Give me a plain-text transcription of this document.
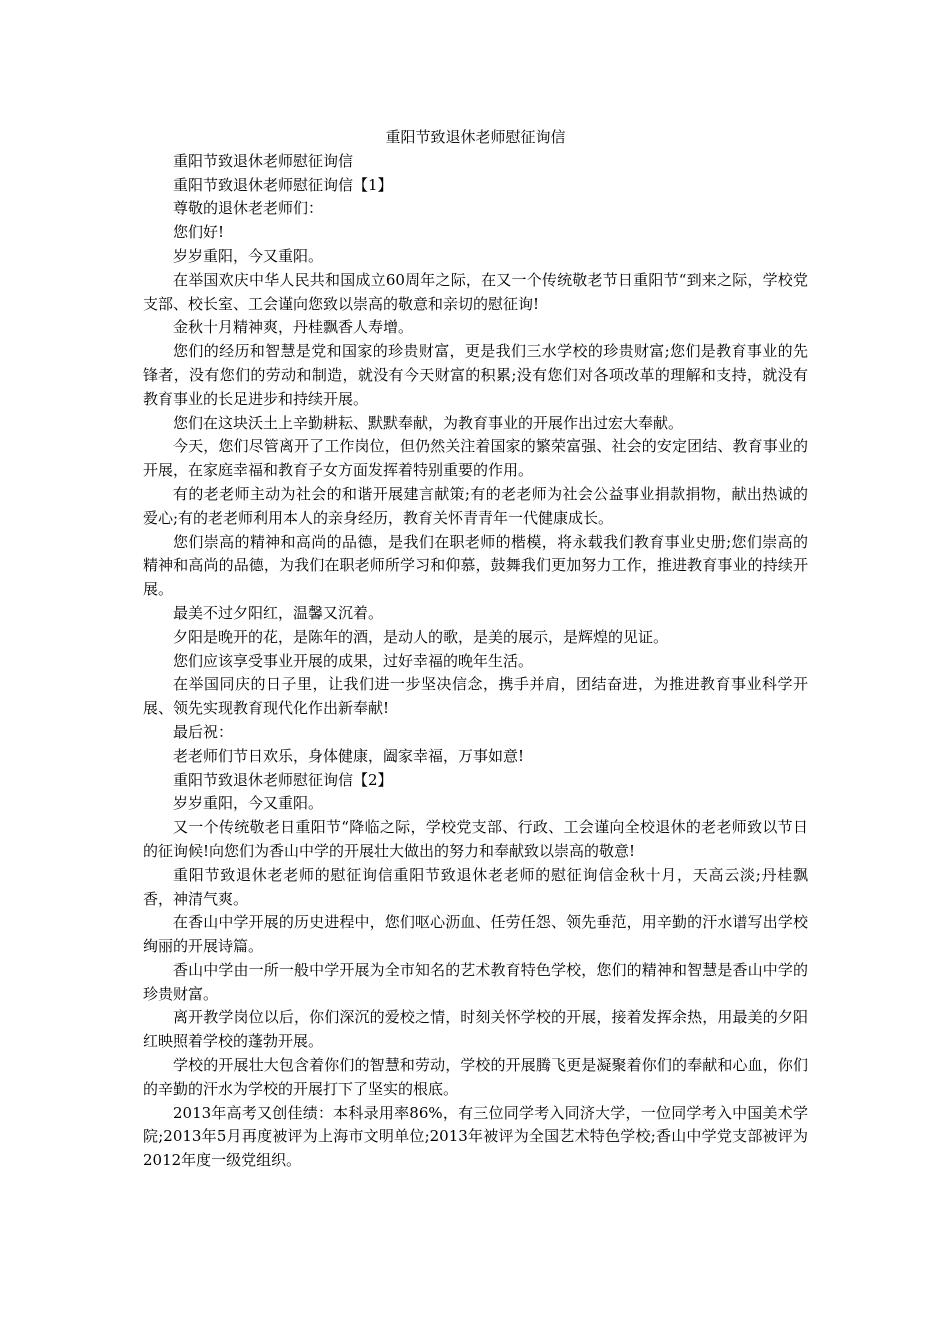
重阳节致退休老师慰征询信

重阳节致退休老师慰征询信

重阳节致退休老师慰征询信【1】

尊敬的退休老老师们：

您们好!

岁岁重阳，今又重阳。

在举国欢庆中华人民共和国成立60周年之际，在又一个传统敬老节日重阳节“到来之际，学校党支部、校长室、工会谨向您致以崇高的敬意和亲切的慰征询!

金秋十月精神爽，丹桂飘香人寿增。

您们的经历和智慧是党和国家的珍贵财富，更是我们三水学校的珍贵财富;您们是教育事业的先锋者，没有您们的劳动和制造，就没有今天财富的积累;没有您们对各项改革的理解和支持，就没有教育事业的长足进步和持续开展。

您们在这块沃土上辛勤耕耘、默默奉献，为教育事业的开展作出过宏大奉献。

今天，您们尽管离开了工作岗位，但仍然关注着国家的繁荣富强、社会的安定团结、教育事业的开展，在家庭幸福和教育子女方面发挥着特别重要的作用。

有的老老师主动为社会的和谐开展建言献策;有的老老师为社会公益事业捐款捐物，献出热诚的爱心;有的老老师利用本人的亲身经历，教育关怀青青年一代健康成长。

您们崇高的精神和高尚的品德，是我们在职老师的楷模，将永载我们教育事业史册;您们崇高的精神和高尚的品德，为我们在职老师所学习和仰慕，鼓舞我们更加努力工作，推进教育事业的持续开展。

最美不过夕阳红，温馨又沉着。

夕阳是晚开的花，是陈年的酒，是动人的歌，是美的展示，是辉煌的见证。

您们应该享受事业开展的成果，过好幸福的晚年生活。

在举国同庆的日子里，让我们进一步坚决信念，携手并肩，团结奋进，为推进教育事业科学开展、领先实现教育现代化作出新奉献!

最后祝：

老老师们节日欢乐，身体健康，阖家幸福，万事如意!

重阳节致退休老师慰征询信【2】

岁岁重阳，今又重阳。

又一个传统敬老日重阳节“降临之际，学校党支部、行政、工会谨向全校退休的老老师致以节日的征询候!向您们为香山中学的开展壮大做出的努力和奉献致以崇高的敬意!

重阳节致退休老老师的慰征询信重阳节致退休老老师的慰征询信金秋十月，天高云淡;丹桂飘香，神清气爽。

在香山中学开展的历史进程中，您们呕心沥血、任劳任怨、领先垂范，用辛勤的汗水谱写出学校绚丽的开展诗篇。

香山中学由一所一般中学开展为全市知名的艺术教育特色学校，您们的精神和智慧是香山中学的珍贵财富。

离开教学岗位以后，你们深沉的爱校之情，时刻关怀学校的开展，接着发挥余热，用最美的夕阳红映照着学校的蓬勃开展。

学校的开展壮大包含着你们的智慧和劳动，学校的开展腾飞更是凝聚着你们的奉献和心血，你们的辛勤的汗水为学校的开展打下了坚实的根底。

2013年高考又创佳绩：本科录用率86%，有三位同学考入同济大学，一位同学考入中国美术学院;2013年5月再度被评为上海市文明单位;2013年被评为全国艺术特色学校;香山中学党支部被评为2012年度一级党组织。
